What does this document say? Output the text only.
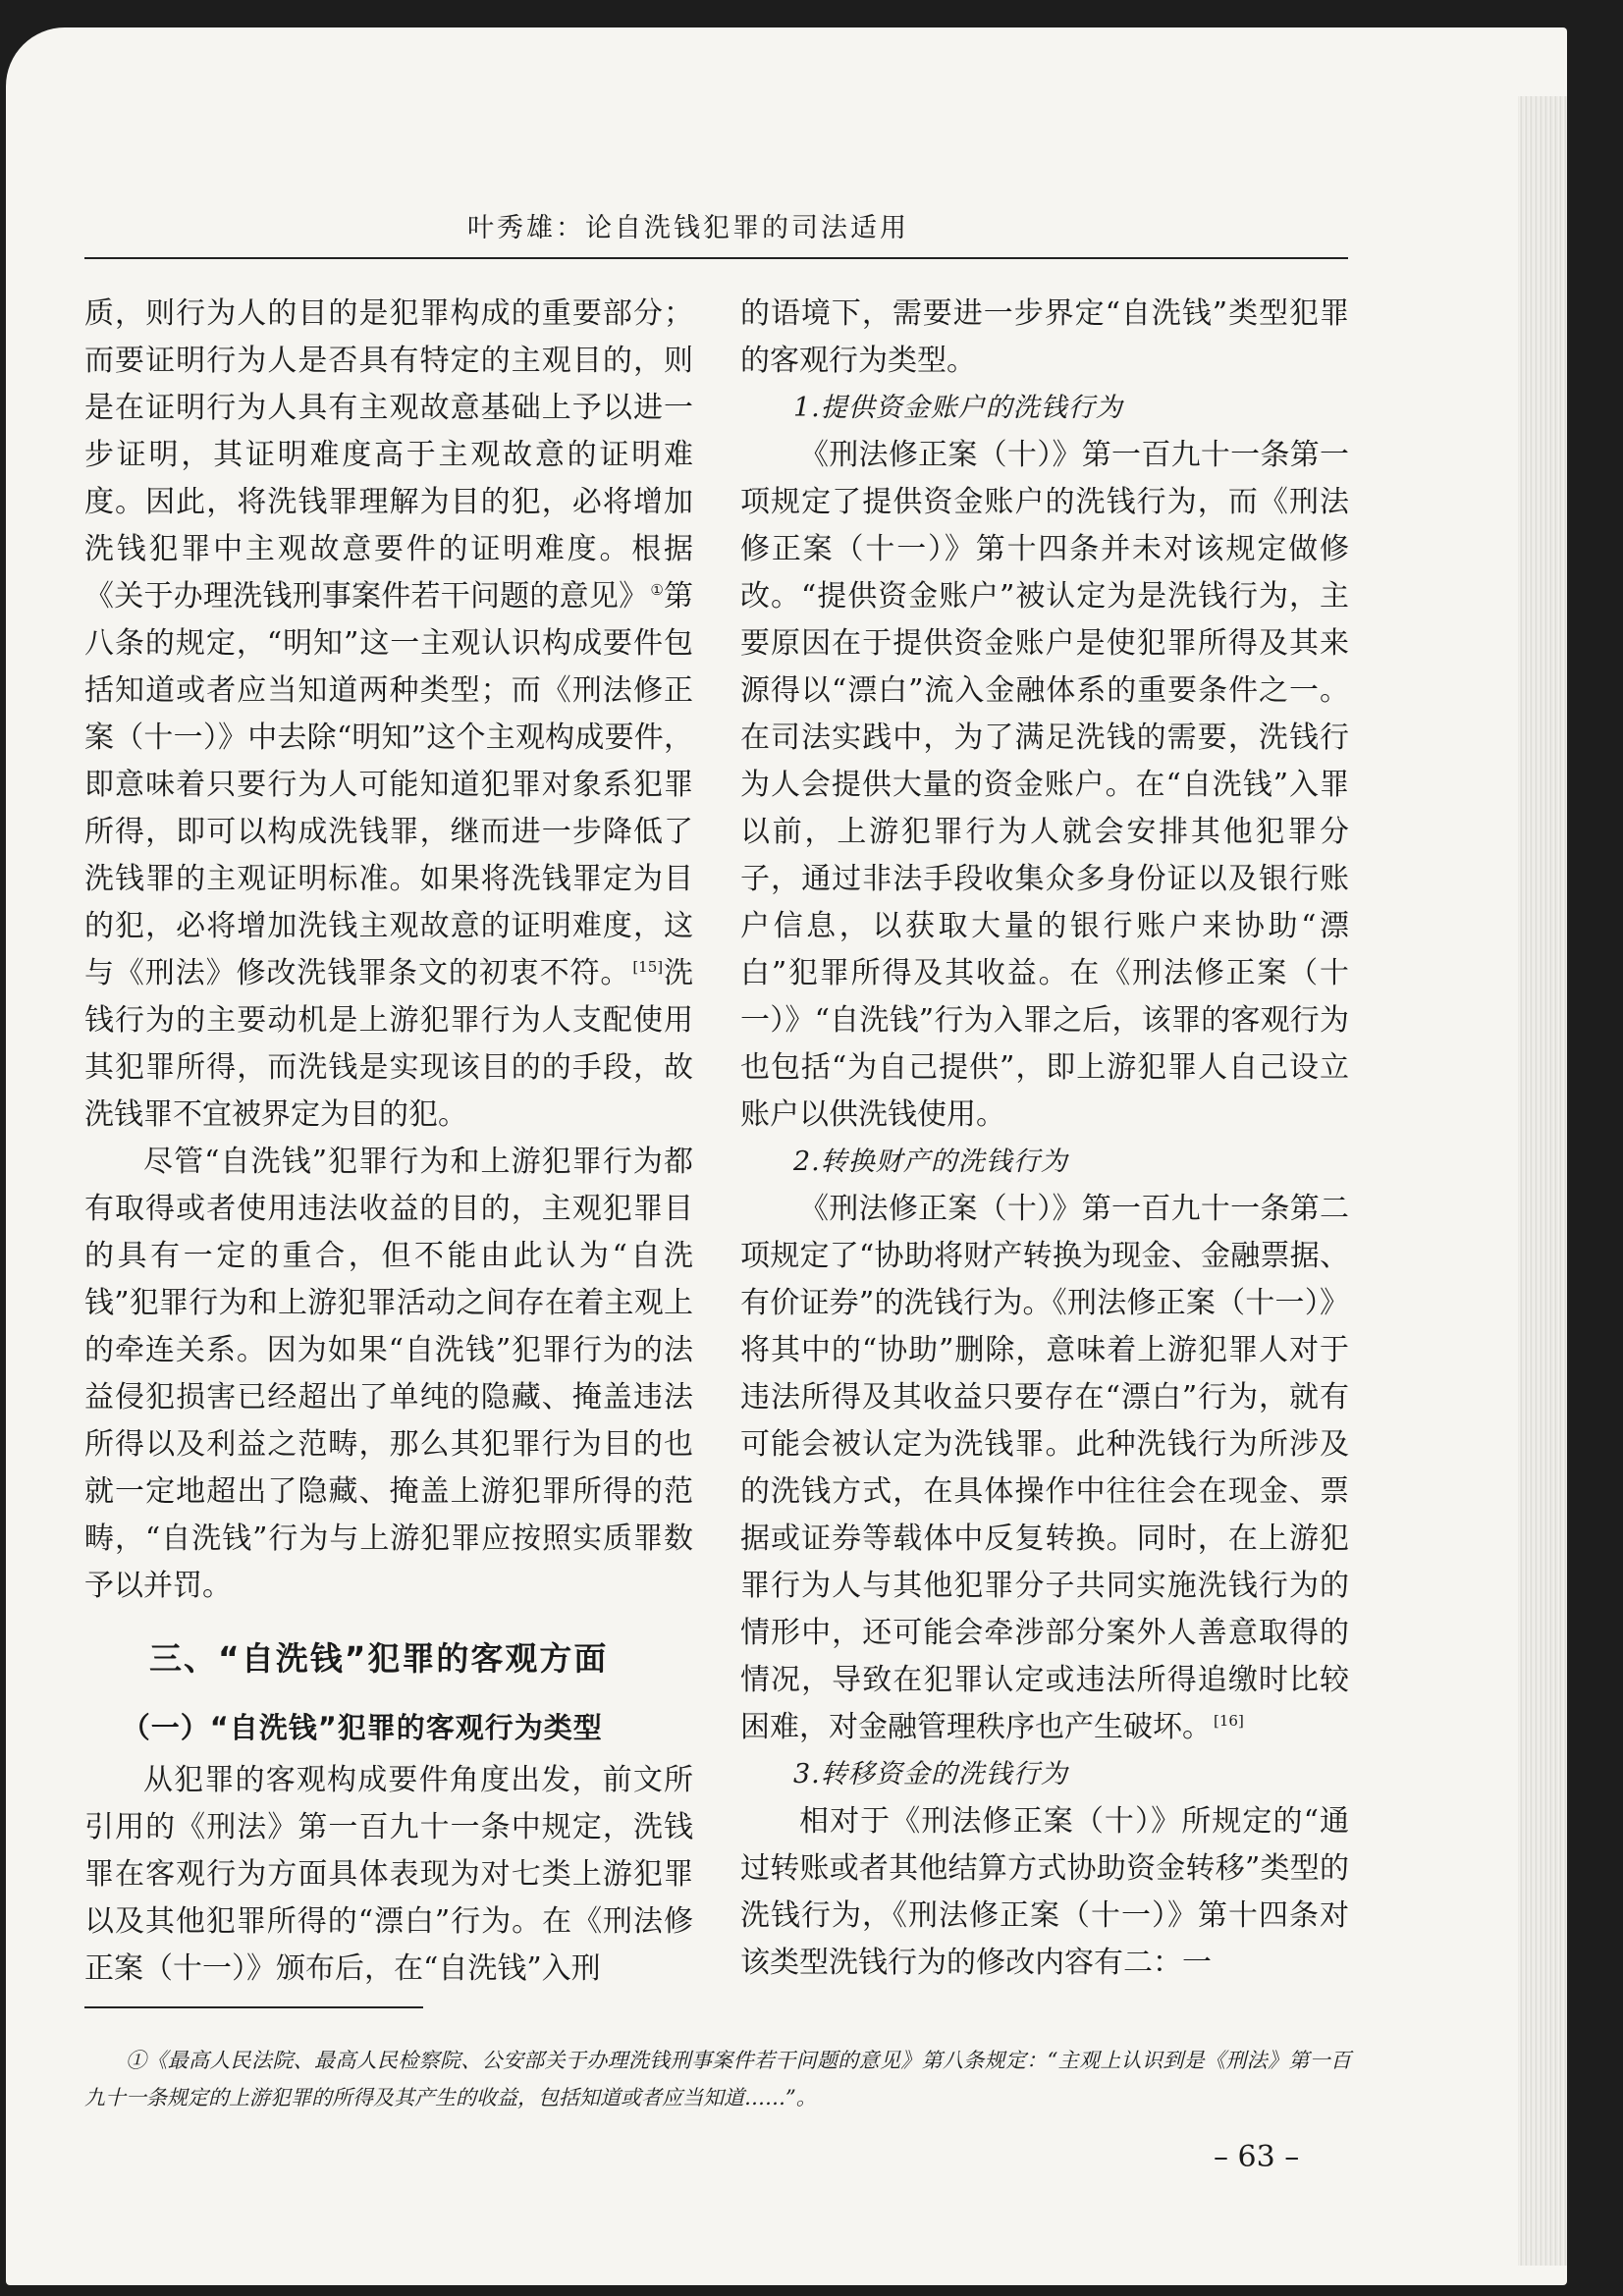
叶秀雄：论自洗钱犯罪的司法适用

质，则行为人的目的是犯罪构成的重要部分；而要证明行为人是否具有特定的主观目的，则是在证明行为人具有主观故意基础上予以进一步证明，其证明难度高于主观故意的证明难度。因此，将洗钱罪理解为目的犯，必将增加洗钱犯罪中主观故意要件的证明难度。根据《关于办理洗钱刑事案件若干问题的意见》 ①第八条的规定，“明知”这一主观认识构成要件包括知道或者应当知道两种类型；而《刑法修正案（十一）》中去除“明知”这个主观构成要件，即意味着只要行为人可能知道犯罪对象系犯罪所得，即可以构成洗钱罪，继而进一步降低了洗钱罪的主观证明标准。如果将洗钱罪定为目的犯，必将增加洗钱主观故意的证明难度，这与《刑法》修改洗钱罪条文的初衷不符。 [15]洗钱行为的主要动机是上游犯罪行为人支配使用其犯罪所得，而洗钱是实现该目的的手段，故洗钱罪不宜被界定为目的犯。

尽管“自洗钱”犯罪行为和上游犯罪行为都有取得或者使用违法收益的目的，主观犯罪目的具有一定的重合，但不能由此认为“自洗钱”犯罪行为和上游犯罪活动之间存在着主观上的牵连关系。因为如果“自洗钱”犯罪行为的法益侵犯损害已经超出了单纯的隐藏、掩盖违法所得以及利益之范畴，那么其犯罪行为目的也就一定地超出了隐藏、掩盖上游犯罪所得的范畴，“自洗钱”行为与上游犯罪应按照实质罪数予以并罚。

三、“自洗钱”犯罪的客观方面
（一）“自洗钱”犯罪的客观行为类型

从犯罪的客观构成要件角度出发，前文所引用的《刑法》第一百九十一条中规定，洗钱罪在客观行为方面具体表现为对七类上游犯罪以及其他犯罪所得的“漂白”行为。在《刑法修正案（十一）》颁布后，在“自洗钱”入刑

的语境下，需要进一步界定“自洗钱”类型犯罪的客观行为类型。

1.提供资金账户的洗钱行为

《刑法修正案（十）》第一百九十一条第一项规定了提供资金账户的洗钱行为，而《刑法修正案（十一）》第十四条并未对该规定做修改。“提供资金账户”被认定为是洗钱行为，主要原因在于提供资金账户是使犯罪所得及其来源得以“漂白”流入金融体系的重要条件之一。在司法实践中，为了满足洗钱的需要，洗钱行为人会提供大量的资金账户。在“自洗钱”入罪以前，上游犯罪行为人就会安排其他犯罪分子，通过非法手段收集众多身份证以及银行账户信息，以获取大量的银行账户来协助“漂白”犯罪所得及其收益。在《刑法修正案（十一）》“自洗钱”行为入罪之后，该罪的客观行为也包括“为自己提供”，即上游犯罪人自己设立账户以供洗钱使用。

2.转换财产的洗钱行为

《刑法修正案（十）》第一百九十一条第二项规定了“协助将财产转换为现金、金融票据、有价证券”的洗钱行为。《刑法修正案（十一）》将其中的“协助”删除，意味着上游犯罪人对于违法所得及其收益只要存在“漂白”行为，就有可能会被认定为洗钱罪。此种洗钱行为所涉及的洗钱方式，在具体操作中往往会在现金、票据或证券等载体中反复转换。同时，在上游犯罪行为人与其他犯罪分子共同实施洗钱行为的情形中，还可能会牵涉部分案外人善意取得的情况，导致在犯罪认定或违法所得追缴时比较困难，对金融管理秩序也产生破坏。 [16]

3.转移资金的洗钱行为

相对于《刑法修正案（十）》所规定的“通过转账或者其他结算方式协助资金转移”类型的洗钱行为，《刑法修正案（十一）》第十四条对该类型洗钱行为的修改内容有二：一

①《最高人民法院、最高人民检察院、公安部关于办理洗钱刑事案件若干问题的意见》第八条规定：“主观上认识到是《刑法》第一百九十一条规定的上游犯罪的所得及其产生的收益，包括知道或者应当知道……”。

– 63 –
